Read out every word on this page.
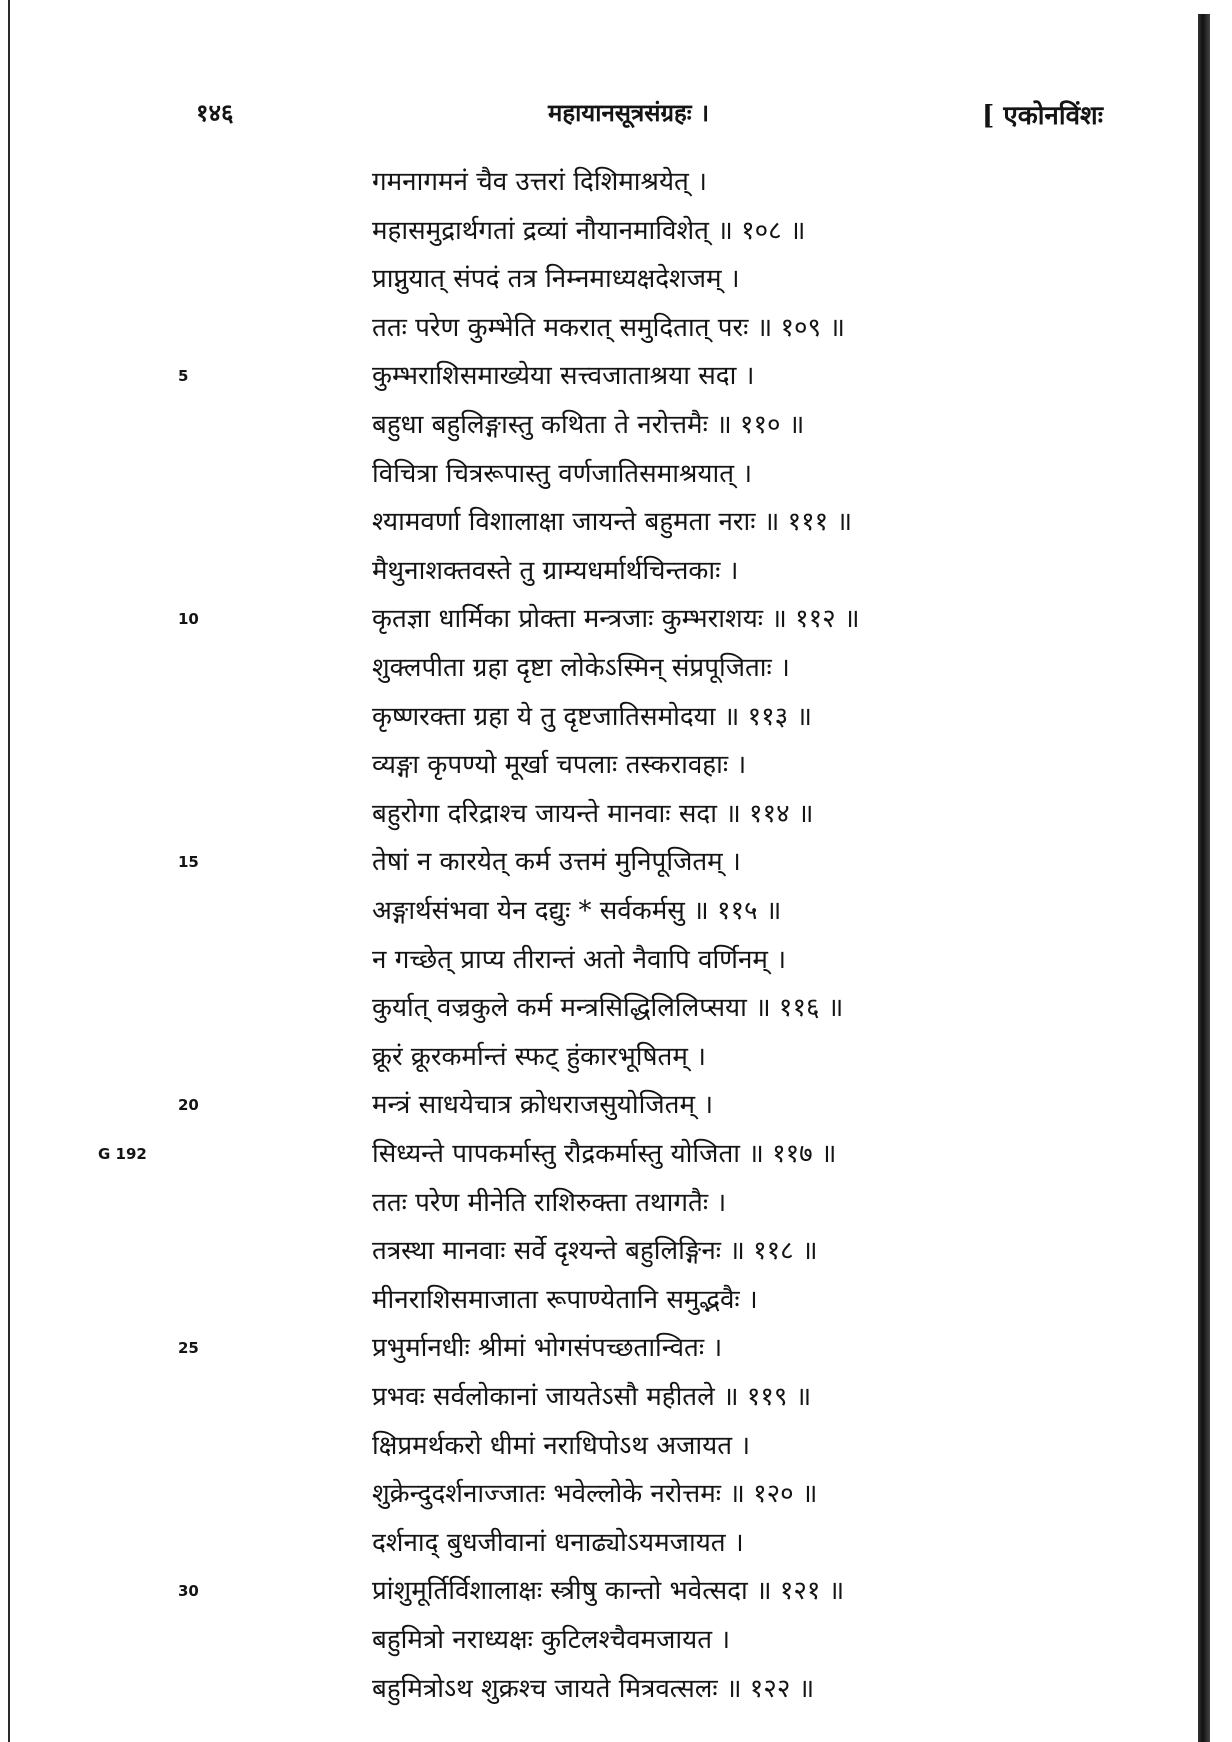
१४६	महायानसूत्रसंग्रहः ।	[ एकोनविंशः
गमनागमनं चैव उत्तरां दिशिमाश्रयेत् ।
महासमुद्रार्थगतां द्रव्यां नौयानमाविशेत् ॥ १०८ ॥
प्राप्नुयात् संपदं तत्र निम्नमाध्यक्षदेशजम् ।
ततः परेण कुम्भेति मकरात् समुदितात् परः ॥ १०९ ॥
कुम्भराशिसमाख्येया सत्त्वजाताश्रया सदा ।
5
बहुधा बहुलिङ्गास्तु कथिता ते नरोत्तमैः ॥ ११० ॥
विचित्रा चित्ररूपास्तु वर्णजातिसमाश्रयात् ।
श्यामवर्णा विशालाक्षा जायन्ते बहुमता नराः ॥ १११ ॥
मैथुनाशक्तवस्ते तु ग्राम्यधर्मार्थचिन्तकाः ।
कृतज्ञा धार्मिका प्रोक्ता मन्त्रजाः कुम्भराशयः ॥ ११२ ॥
10
शुक्लपीता ग्रहा दृष्टा लोकेऽस्मिन् संप्रपूजिताः ।
कृष्णरक्ता ग्रहा ये तु दृष्टजातिसमोदया ॥ ११३ ॥
व्यङ्गा कृपण्यो मूर्खा चपलाः तस्करावहाः ।
बहुरोगा दरिद्राश्च जायन्ते मानवाः सदा ॥ ११४ ॥
तेषां न कारयेत् कर्म उत्तमं मुनिपूजितम् ।
15
अङ्गार्थसंभवा येन दद्युः * सर्वकर्मसु ॥ ११५ ॥
न गच्छेत् प्राप्य तीरान्तं अतो नैवापि वर्णिनम् ।
कुर्यात् वज्रकुले कर्म मन्त्रसिद्धिलिलिप्सया ॥ ११६ ॥
क्रूरं क्रूरकर्मान्तं स्फट् हुंकारभूषितम् ।
मन्त्रं साधयेचात्र क्रोधराजसुयोजितम् ।
20
सिध्यन्ते पापकर्मास्तु रौद्रकर्मास्तु योजिता ॥ ११७ ॥
G 192
ततः परेण मीनेति राशिरुक्ता तथागतैः ।
तत्रस्था मानवाः सर्वे दृश्यन्ते बहुलिङ्गिनः ॥ ११८ ॥
मीनराशिसमाजाता रूपाण्येतानि समुद्भवैः ।
प्रभुर्मानधीः श्रीमां भोगसंपच्छतान्वितः ।
25
प्रभवः सर्वलोकानां जायतेऽसौ महीतले ॥ ११९ ॥
क्षिप्रमर्थकरो धीमां नराधिपोऽथ अजायत ।
शुक्रेन्दुदर्शनाज्जातः भवेल्लोके नरोत्तमः ॥ १२० ॥
दर्शनाद् बुधजीवानां धनाढ्योऽयमजायत ।
प्रांशुमूर्तिर्विशालाक्षः स्त्रीषु कान्तो भवेत्सदा ॥ १२१ ॥
30
बहुमित्रो नराध्यक्षः कुटिलश्चैवमजायत ।
बहुमित्रोऽथ शुक्रश्च जायते मित्रवत्सलः ॥ १२२ ॥
